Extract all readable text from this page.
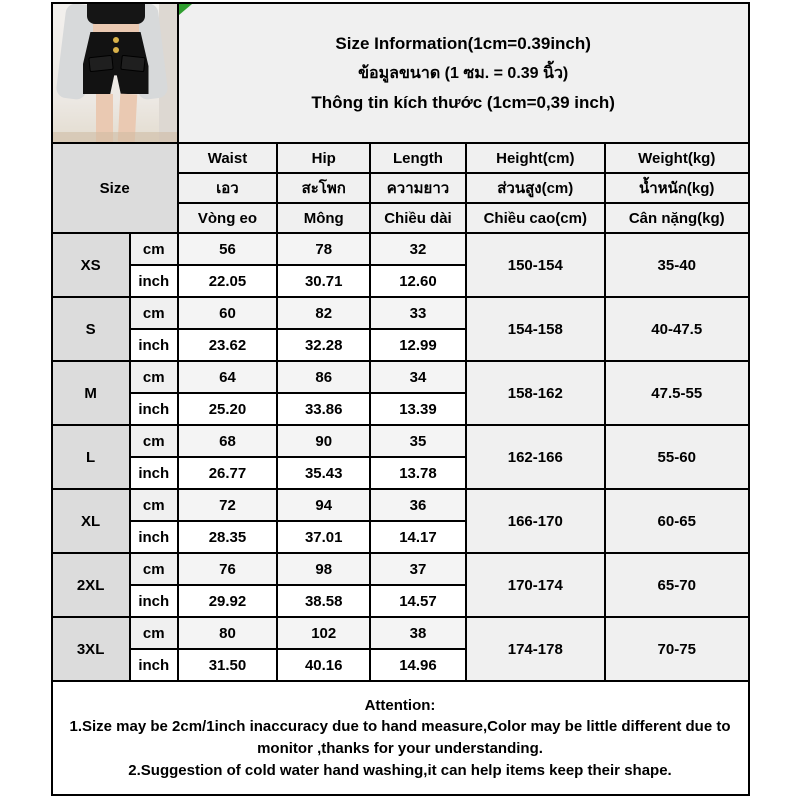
		Size Information(1cm=0.39inch)
ข้อมูลขนาด (1 ซม. = 0.39 นิ้ว)
Thông tin kích thước (1cm=0,39 inch)				

Size		Waist	Hip	Length	Height(cm)	Weight(kg)
		เอว	สะโพก	ความยาว	ส่วนสูง(cm)	น้ำหนัก(kg)
		Vòng eo	Mông	Chiều dài	Chiều cao(cm)	Cân nặng(kg)
XS	cm	56	78	32	150-154	35-40
	inch	22.05	30.71	12.60		
S	cm	60	82	33	154-158	40-47.5
	inch	23.62	32.28	12.99		
M	cm	64	86	34	158-162	47.5-55
	inch	25.20	33.86	13.39		
L	cm	68	90	35	162-166	55-60
	inch	26.77	35.43	13.78		
XL	cm	72	94	36	166-170	60-65
	inch	28.35	37.01	14.17		
2XL	cm	76	98	37	170-174	65-70
	inch	29.92	38.58	14.57		
3XL	cm	80	102	38	174-178	70-75
	inch	31.50	40.16	14.96		

Attention:
1.Size may be 2cm/1inch inaccuracy due to hand measure,Color may be little different due to monitor ,thanks for your understanding.
2.Suggestion of cold water hand washing,it can help items keep their shape.						
